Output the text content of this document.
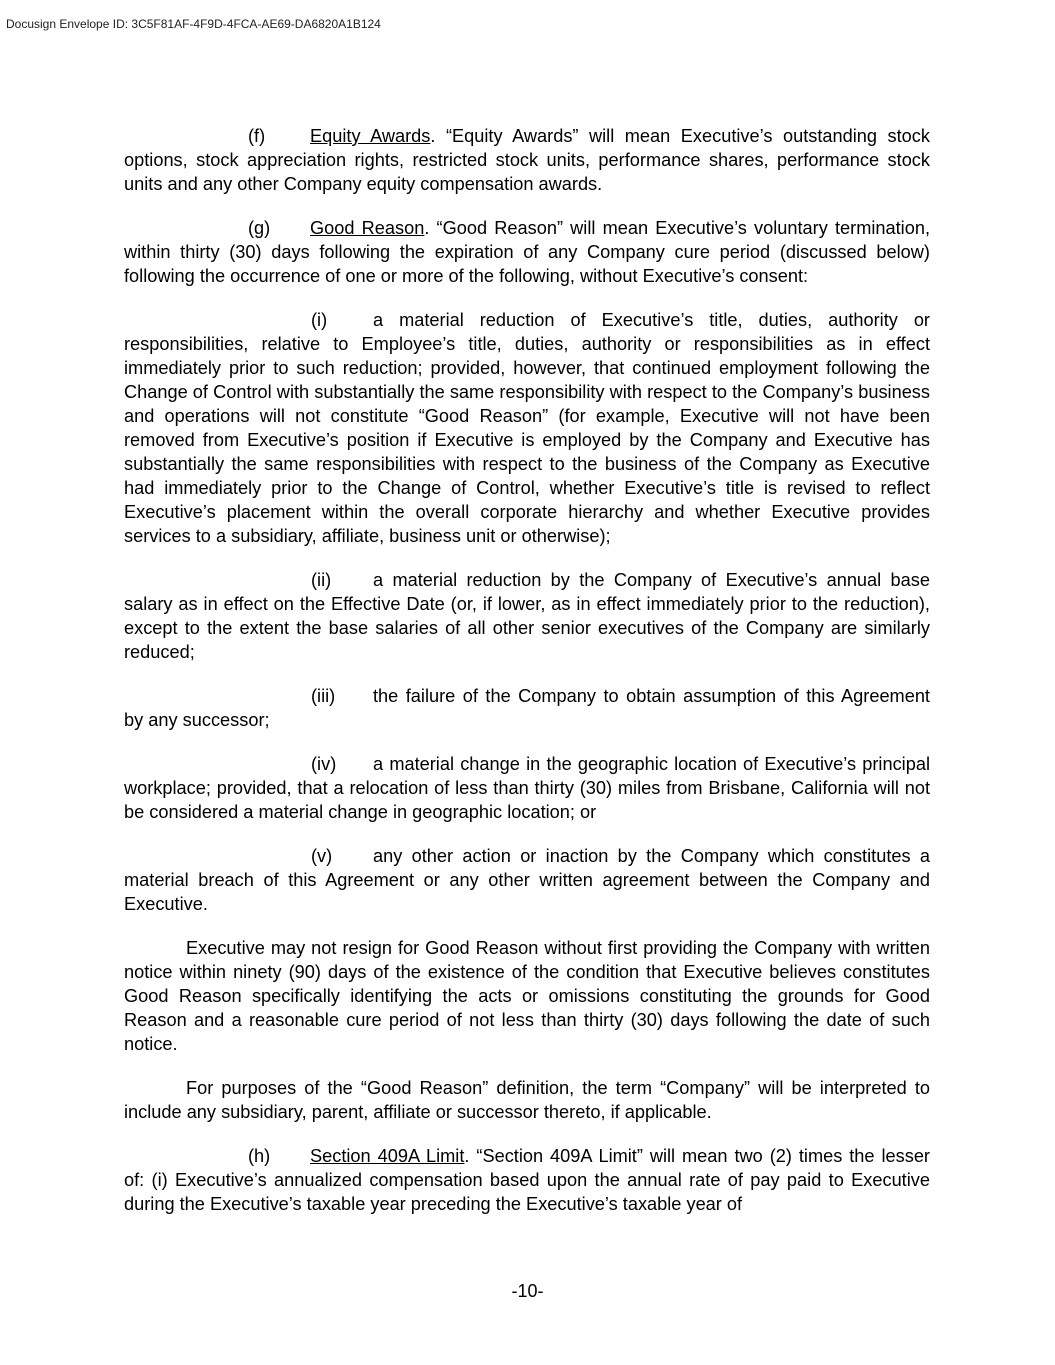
Docusign Envelope ID: 3C5F81AF-4F9D-4FCA-AE69-DA6820A1B124

(f) Equity Awards. “Equity Awards” will mean Executive’s outstanding stock options, stock appreciation rights, restricted stock units, performance shares, performance stock units and any other Company equity compensation awards.

(g) Good Reason. “Good Reason” will mean Executive’s voluntary termination, within thirty (30) days following the expiration of any Company cure period (discussed below) following the occurrence of one or more of the following, without Executive’s consent:

(i)	a material reduction of Executive’s title, duties, authority or responsibilities, relative to Employee’s title, duties, authority or responsibilities as in effect immediately prior to such reduction; provided, however, that continued employment following the Change of Control with substantially the same responsibility with respect to the Company’s business and operations will not constitute “Good Reason” (for example, Executive will not have been removed from Executive’s position if Executive is employed by the Company and Executive has substantially the same responsibilities with respect to the business of the Company as Executive had immediately prior to the Change of Control, whether Executive’s title is revised to reflect Executive’s placement within the overall corporate hierarchy and whether Executive provides services to a subsidiary, affiliate, business unit or otherwise);

(ii) a material reduction by the Company of Executive’s annual base salary as in effect on the Effective Date (or, if lower, as in effect immediately prior to the reduction), except to the extent the base salaries of all other senior executives of the Company are similarly reduced;

(iii) the failure of the Company to obtain assumption of this Agreement by any successor;

(iv) a material change in the geographic location of Executive’s principal workplace; provided, that a relocation of less than thirty (30) miles from Brisbane, California will not be considered a material change in geographic location; or

(v) any other action or inaction by the Company which constitutes a material breach of this Agreement or any other written agreement between the Company and Executive.

Executive may not resign for Good Reason without first providing the Company with written notice within ninety (90) days of the existence of the condition that Executive believes constitutes Good Reason specifically identifying the acts or omissions constituting the grounds for Good Reason and a reasonable cure period of not less than thirty (30) days following the date of such notice.

For purposes of the “Good Reason” definition, the term “Company” will be interpreted to include any subsidiary, parent, affiliate or successor thereto, if applicable.

(h) Section 409A Limit. “Section 409A Limit” will mean two (2) times the lesser of: (i) Executive’s annualized compensation based upon the annual rate of pay paid to Executive during the Executive’s taxable year preceding the Executive’s taxable year of

-10-
